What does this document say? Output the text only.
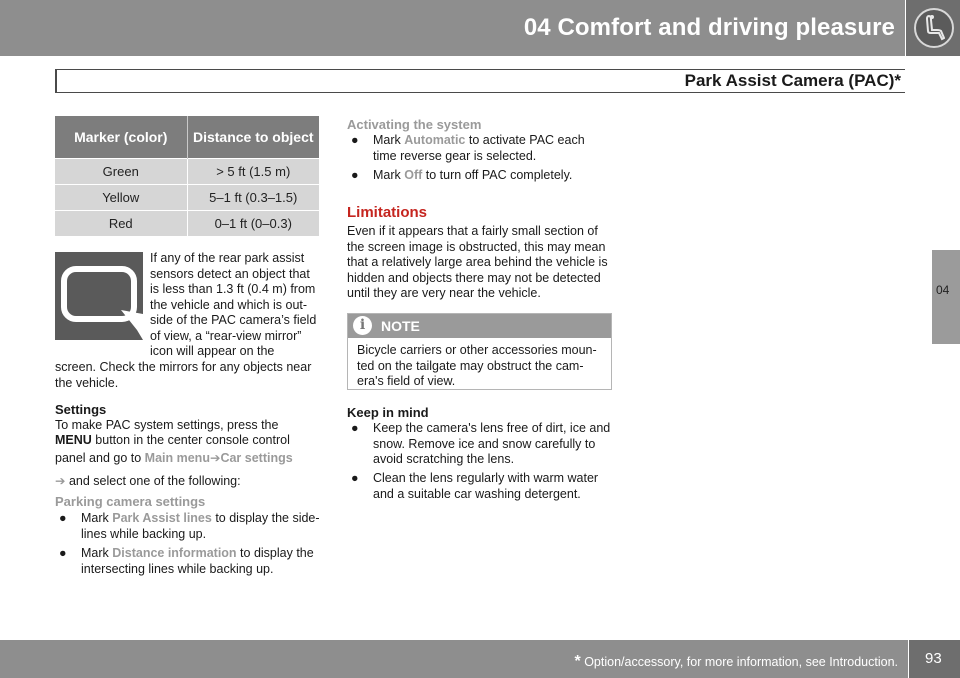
04 Comfort and driving pleasure
Park Assist Camera (PAC)*
04
Marker (color)	Distance to object
Green	> 5 ft (1.5 m)
Yellow	5–1 ft (0.3–1.5)
Red	0–1 ft (0–0.3)
If any of the rear park assist
sensors detect an object that
is less than 1.3 ft (0.4 m) from
the vehicle and which is out-
side of the PAC camera’s field
of view, a “rear-view mirror”
icon will appear on the
screen. Check the mirrors for any objects near
the vehicle.
Settings
To make PAC system settings, press the
MENU button in the center console control
panel and go to Main menu➔Car settings
➔ and select one of the following:
Parking camera settings
● Mark Park Assist lines to display the side-
lines while backing up.
● Mark Distance information to display the
intersecting lines while backing up.
Activating the system
● Mark Automatic to activate PAC each
time reverse gear is selected.
● Mark Off to turn off PAC completely.
Limitations
Even if it appears that a fairly small section of
the screen image is obstructed, this may mean
that a relatively large area behind the vehicle is
hidden and objects there may not be detected
until they are very near the vehicle.
i	NOTE
Bicycle carriers or other accessories moun-
ted on the tailgate may obstruct the cam-
era's field of view.
Keep in mind
● Keep the camera's lens free of dirt, ice and
snow. Remove ice and snow carefully to
avoid scratching the lens.
● Clean the lens regularly with warm water
and a suitable car washing detergent.
* Option/accessory, for more information, see Introduction. 93
